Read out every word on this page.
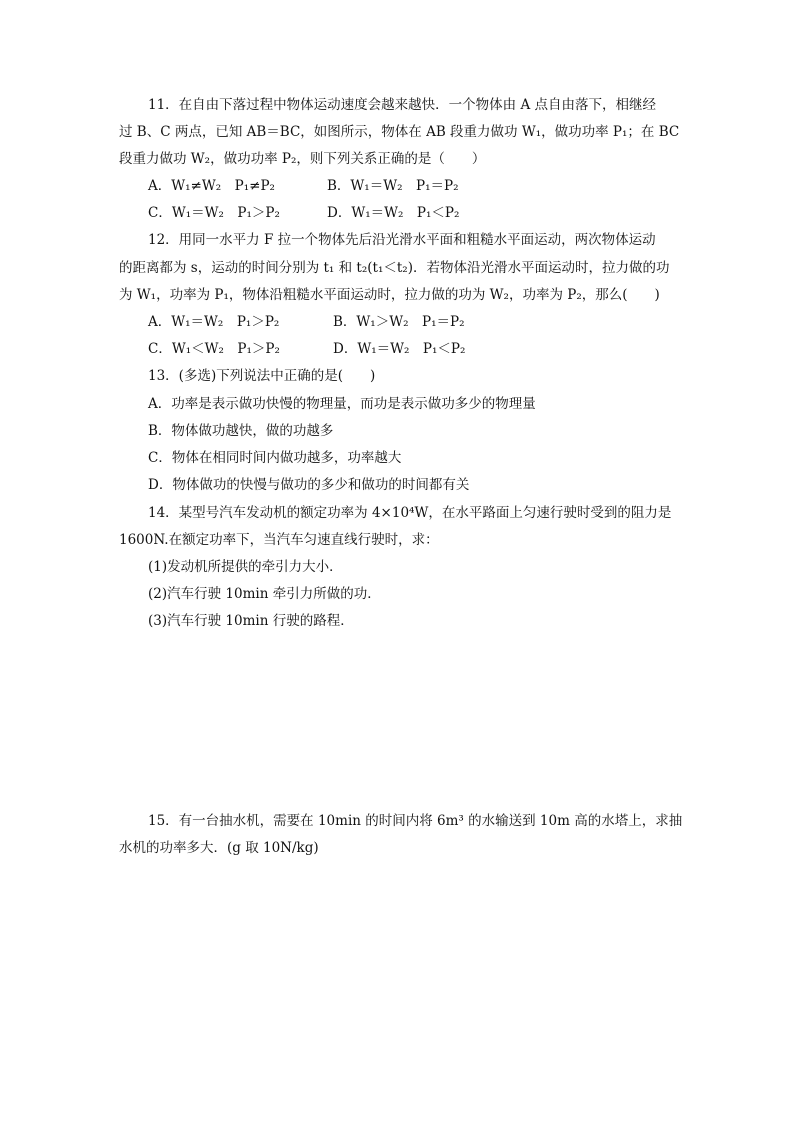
11．在自由下落过程中物体运动速度会越来越快．一个物体由 A 点自由落下，相继经
过 B、C 两点，已知 AB＝BC，如图所示，物体在 AB 段重力做功 W₁，做功功率 P₁；在 BC
段重力做功 W₂，做功功率 P₂，则下列关系正确的是（　　）
A．W₁≠W₂　P₁≠P₂	B．W₁＝W₂　P₁＝P₂
C．W₁＝W₂　P₁＞P₂	D．W₁＝W₂　P₁＜P₂
12．用同一水平力 F 拉一个物体先后沿光滑水平面和粗糙水平面运动，两次物体运动
的距离都为 s，运动的时间分别为 t₁ 和 t₂(t₁＜t₂)．若物体沿光滑水平面运动时，拉力做的功
为 W₁，功率为 P₁，物体沿粗糙水平面运动时，拉力做的功为 W₂，功率为 P₂，那么(　　)
A．W₁＝W₂　P₁＞P₂	B．W₁＞W₂　P₁＝P₂
C．W₁＜W₂　P₁＞P₂	D．W₁＝W₂　P₁＜P₂
13．(多选)下列说法中正确的是(　　)
A．功率是表示做功快慢的物理量，而功是表示做功多少的物理量
B．物体做功越快，做的功越多
C．物体在相同时间内做功越多，功率越大
D．物体做功的快慢与做功的多少和做功的时间都有关
14．某型号汽车发动机的额定功率为 4×10⁴W，在水平路面上匀速行驶时受到的阻力是
1600N.在额定功率下，当汽车匀速直线行驶时，求：
(1)发动机所提供的牵引力大小．
(2)汽车行驶 10min 牵引力所做的功．
(3)汽车行驶 10min 行驶的路程．
15．有一台抽水机，需要在 10min 的时间内将 6m³ 的水输送到 10m 高的水塔上，求抽
水机的功率多大．(g 取 10N/kg)
